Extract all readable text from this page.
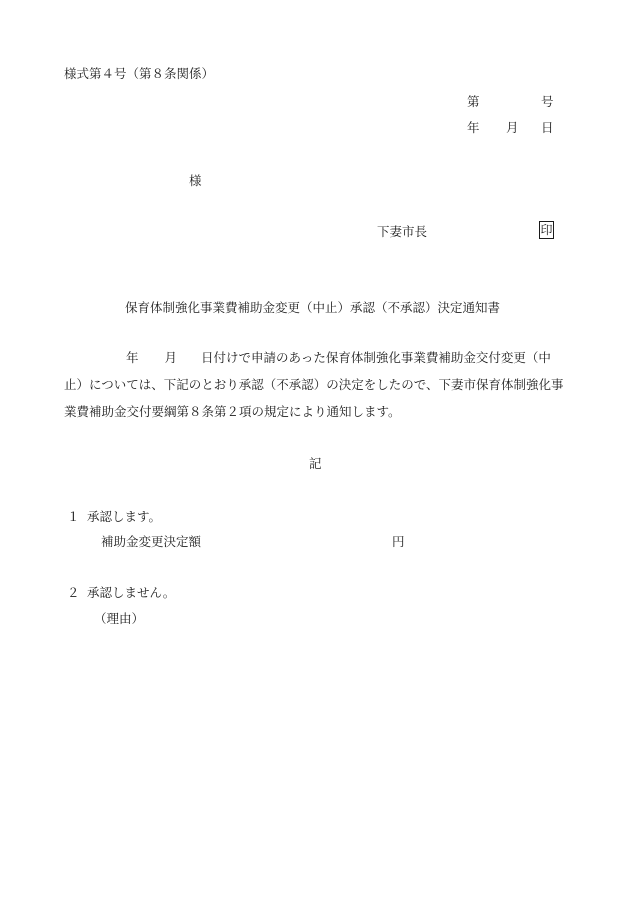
様式第４号（第８条関係）
第	号
年 月 日
様
下妻市長	印
保育体制強化事業費補助金変更（中止）承認（不承認）決定通知書
年 月 日付けで申請のあった保育体制強化事業費補助金交付変更（中
止）については、下記のとおり承認（不承認）の決定をしたので、下妻市保育体制強化事
業費補助金交付要綱第８条第２項の規定により通知します。
記
１ 承認します。
補助金変更決定額	円
２ 承認しません。
（理由）
